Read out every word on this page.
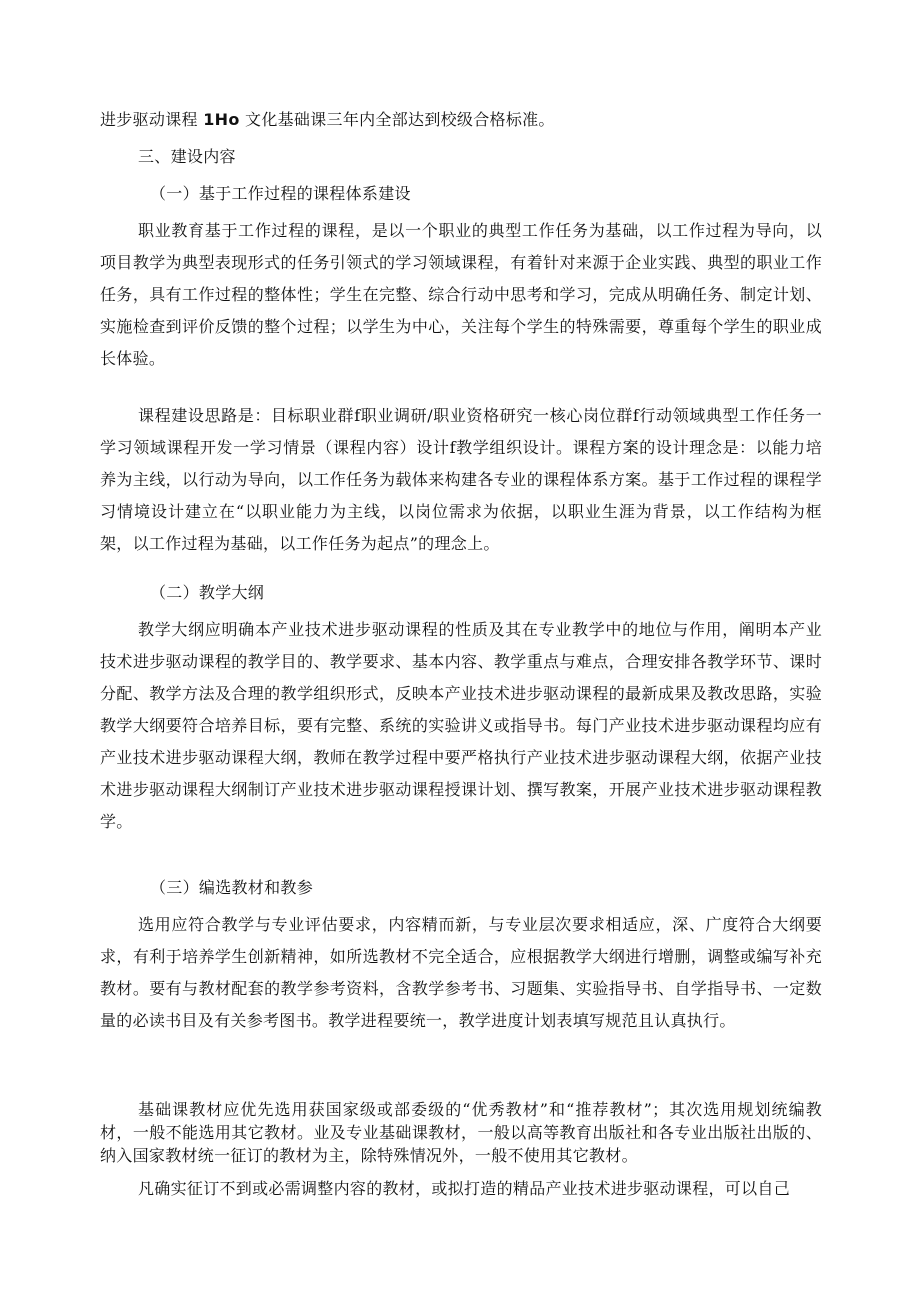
进步驱动课程 1Ho 文化基础课三年内全部达到校级合格标准。

三、建设内容

（一）基于工作过程的课程体系建设

职业教育基于工作过程的课程，是以一个职业的典型工作任务为基础，以工作过程为导向，以项目教学为典型表现形式的任务引领式的学习领域课程，有着针对来源于企业实践、典型的职业工作任务，具有工作过程的整体性；学生在完整、综合行动中思考和学习，完成从明确任务、制定计划、实施检查到评价反馈的整个过程；以学生为中心，关注每个学生的特殊需要，尊重每个学生的职业成长体验。

课程建设思路是：目标职业群f职业调研/职业资格研究一核心岗位群f行动领域典型工作任务一学习领域课程开发一学习情景（课程内容）设计f教学组织设计。课程方案的设计理念是：以能力培养为主线，以行动为导向，以工作任务为载体来构建各专业的课程体系方案。基于工作过程的课程学习情境设计建立在“以职业能力为主线，以岗位需求为依据，以职业生涯为背景，以工作结构为框架，以工作过程为基础，以工作任务为起点”的理念上。

（二）教学大纲

教学大纲应明确本产业技术进步驱动课程的性质及其在专业教学中的地位与作用，阐明本产业技术进步驱动课程的教学目的、教学要求、基本内容、教学重点与难点，合理安排各教学环节、课时分配、教学方法及合理的教学组织形式，反映本产业技术进步驱动课程的最新成果及教改思路，实验教学大纲要符合培养目标，要有完整、系统的实验讲义或指导书。每门产业技术进步驱动课程均应有产业技术进步驱动课程大纲，教师在教学过程中要严格执行产业技术进步驱动课程大纲，依据产业技术进步驱动课程大纲制订产业技术进步驱动课程授课计划、撰写教案，开展产业技术进步驱动课程教学。

（三）编选教材和教参

选用应符合教学与专业评估要求，内容精而新，与专业层次要求相适应，深、广度符合大纲要求，有利于培养学生创新精神，如所选教材不完全适合，应根据教学大纲进行增删，调整或编写补充教材。要有与教材配套的教学参考资料，含教学参考书、习题集、实验指导书、自学指导书、一定数量的必读书目及有关参考图书。教学进程要统一，教学进度计划表填写规范且认真执行。

基础课教材应优先选用获国家级或部委级的“优秀教材”和“推荐教材”；其次选用规划统编教材，一般不能选用其它教材。业及专业基础课教材，一般以高等教育出版社和各专业出版社出版的、纳入国家教材统一征订的教材为主，除特殊情况外，一般不使用其它教材。

凡确实征订不到或必需调整内容的教材，或拟打造的精品产业技术进步驱动课程，可以自己
